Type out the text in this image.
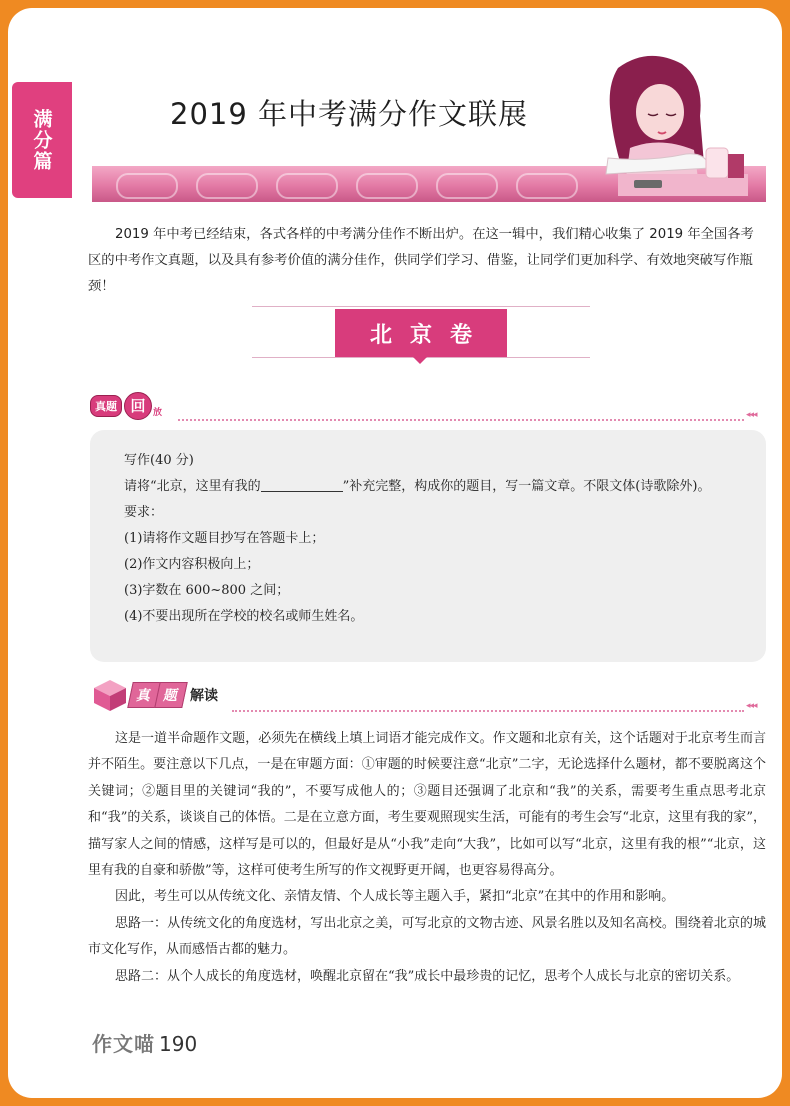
满分篇	2019 年中考满分作文联展

2019 年中考已经结束，各式各样的中考满分佳作不断出炉。在这一辑中，我们精心收集了 2019 年全国各考区的中考作文真题，以及具有参考价值的满分佳作，供同学们学习、借鉴，让同学们更加科学、有效地突破写作瓶颈！

北京卷
真题 回 放	◂◂◂

写作(40 分)

请将“北京，这里有我的	”补充完整，构成你的题目，写一篇文章。不限文体(诗歌除外)。

要求：

(1)请将作文题目抄写在答题卡上；

(2)作文内容积极向上；

(3)字数在 600~800 之间；

(4)不要出现所在学校的校名或师生姓名。

真 题 解读
◂◂◂

这是一道半命题作文题，必须先在横线上填上词语才能完成作文。作文题和北京有关，这个话题对于北京考生而言并不陌生。要注意以下几点，一是在审题方面：①审题的时候要注意“北京”二字，无论选择什么题材，都不要脱离这个关键词；②题目里的关键词“我的”，不要写成他人的；③题目还强调了北京和“我”的关系，需要考生重点思考北京和“我”的关系，谈谈自己的体悟。二是在立意方面，考生要观照现实生活，可能有的考生会写“北京，这里有我的家”，描写家人之间的情感，这样写是可以的，但最好是从“小我”走向“大我”，比如可以写“北京，这里有我的根”“北京，这里有我的自豪和骄傲”等，这样可使考生所写的作文视野更开阔，也更容易得高分。

因此，考生可以从传统文化、亲情友情、个人成长等主题入手，紧扣“北京”在其中的作用和影响。

思路一：从传统文化的角度选材，写出北京之美，可写北京的文物古迹、风景名胜以及知名高校。围绕着北京的城市文化写作，从而感悟古都的魅力。

思路二：从个人成长的角度选材，唤醒北京留在“我”成长中最珍贵的记忆，思考个人成长与北京的密切关系。

作文喵 190
